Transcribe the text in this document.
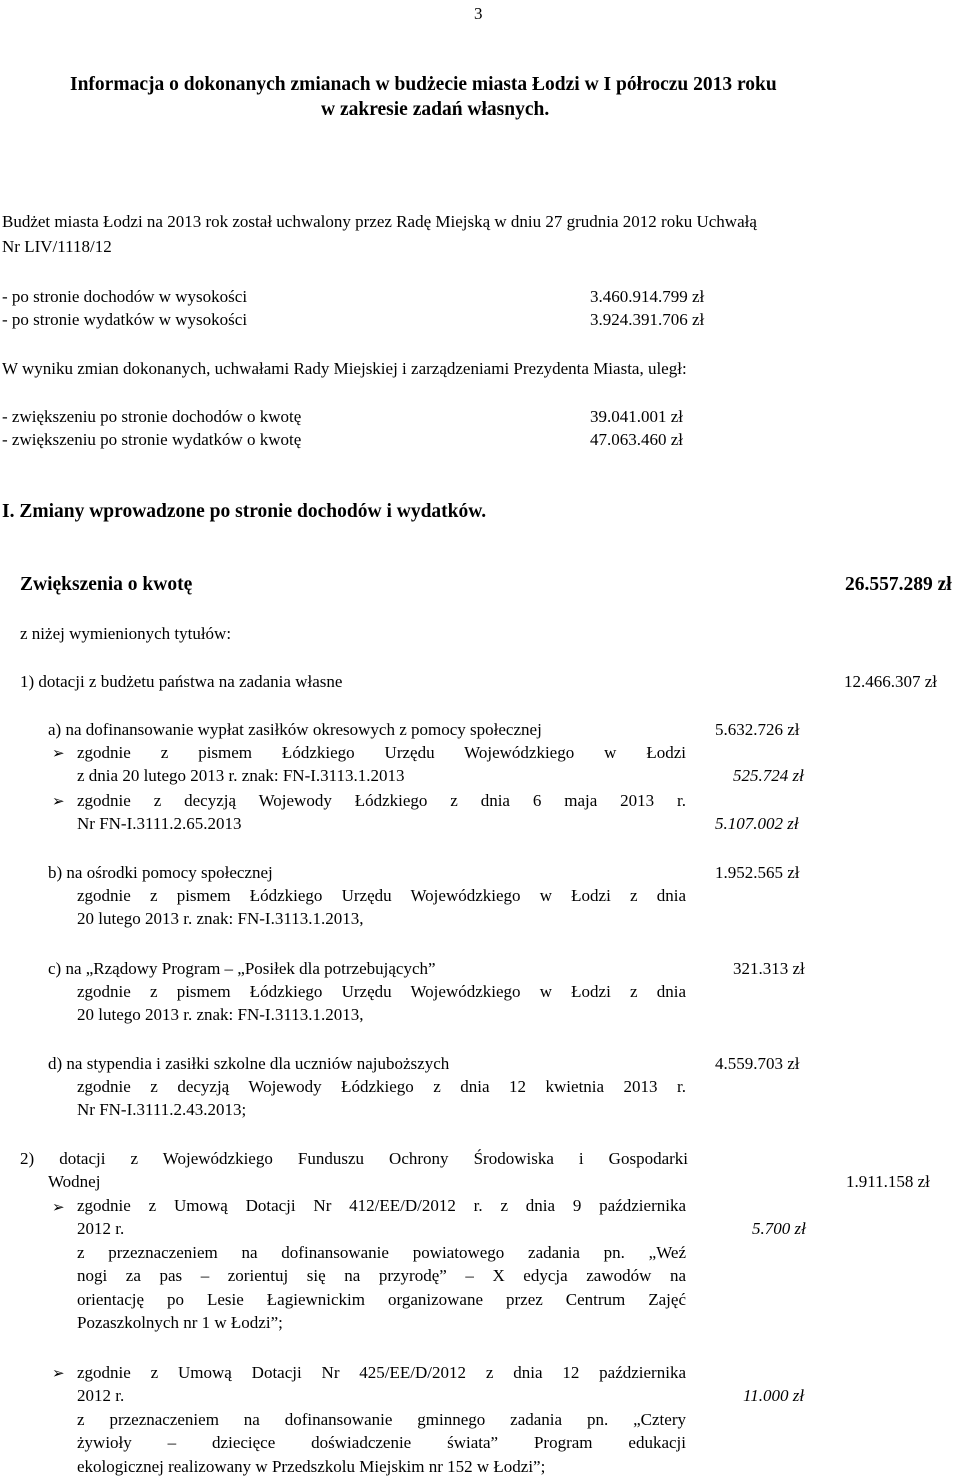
3
Informacja o dokonanych zmianach w budżecie miasta Łodzi w I półroczu 2013 roku
w zakresie zadań własnych.
Budżet miasta Łodzi na 2013 rok został uchwalony przez Radę Miejską w dniu 27 grudnia 2012 roku Uchwałą
Nr LIV/1118/12
- po stronie dochodów w wysokości	3.460.914.799 zł
- po stronie wydatków w wysokości	3.924.391.706 zł
W wyniku zmian dokonanych, uchwałami Rady Miejskiej i zarządzeniami Prezydenta Miasta, uległ:
- zwiększeniu po stronie dochodów o kwotę	39.041.001 zł
- zwiększeniu po stronie wydatków o kwotę	47.063.460 zł
I. Zmiany wprowadzone po stronie dochodów i wydatków.
Zwiększenia o kwotę	26.557.289 zł
z niżej wymienionych tytułów:
1) dotacji z budżetu państwa na zadania własne	12.466.307 zł
a) na dofinansowanie wypłat zasiłków okresowych z pomocy społecznej	5.632.726 zł
➢ zgodnie z pismem Łódzkiego Urzędu Wojewódzkiego w Łodzi
z dnia 20 lutego 2013 r. znak: FN-I.3113.1.2013	525.724 zł
➢ zgodnie z decyzją Wojewody Łódzkiego z dnia 6 maja 2013 r.
Nr FN-I.3111.2.65.2013	5.107.002 zł
b) na ośrodki pomocy społecznej	1.952.565 zł
zgodnie z pismem Łódzkiego Urzędu Wojewódzkiego w Łodzi z dnia
20 lutego 2013 r. znak: FN-I.3113.1.2013,
c) na „Rządowy Program – „Posiłek dla potrzebujących”	321.313 zł
zgodnie z pismem Łódzkiego Urzędu Wojewódzkiego w Łodzi z dnia
20 lutego 2013 r. znak: FN-I.3113.1.2013,
d) na stypendia i zasiłki szkolne dla uczniów najuboższych	4.559.703 zł
zgodnie z decyzją Wojewody Łódzkiego z dnia 12 kwietnia 2013 r.
Nr FN-I.3111.2.43.2013;
2) dotacji z Wojewódzkiego Funduszu Ochrony Środowiska i Gospodarki
Wodnej	1.911.158 zł
➢ zgodnie z Umową Dotacji Nr 412/EE/D/2012 r. z dnia 9 października
2012 r.	5.700 zł
z przeznaczeniem na dofinansowanie powiatowego zadania pn. „Weź
nogi za pas – zorientuj się na przyrodę” – X edycja zawodów na
orientację po Lesie Łagiewnickim organizowane przez Centrum Zajęć
Pozaszkolnych nr 1 w Łodzi”;
➢ zgodnie z Umową Dotacji Nr 425/EE/D/2012 z dnia 12 października
2012 r.	11.000 zł
z przeznaczeniem na dofinansowanie gminnego zadania pn. „Cztery
żywioły – dziecięce doświadczenie świata” Program edukacji
ekologicznej realizowany w Przedszkolu Miejskim nr 152 w Łodzi”;
